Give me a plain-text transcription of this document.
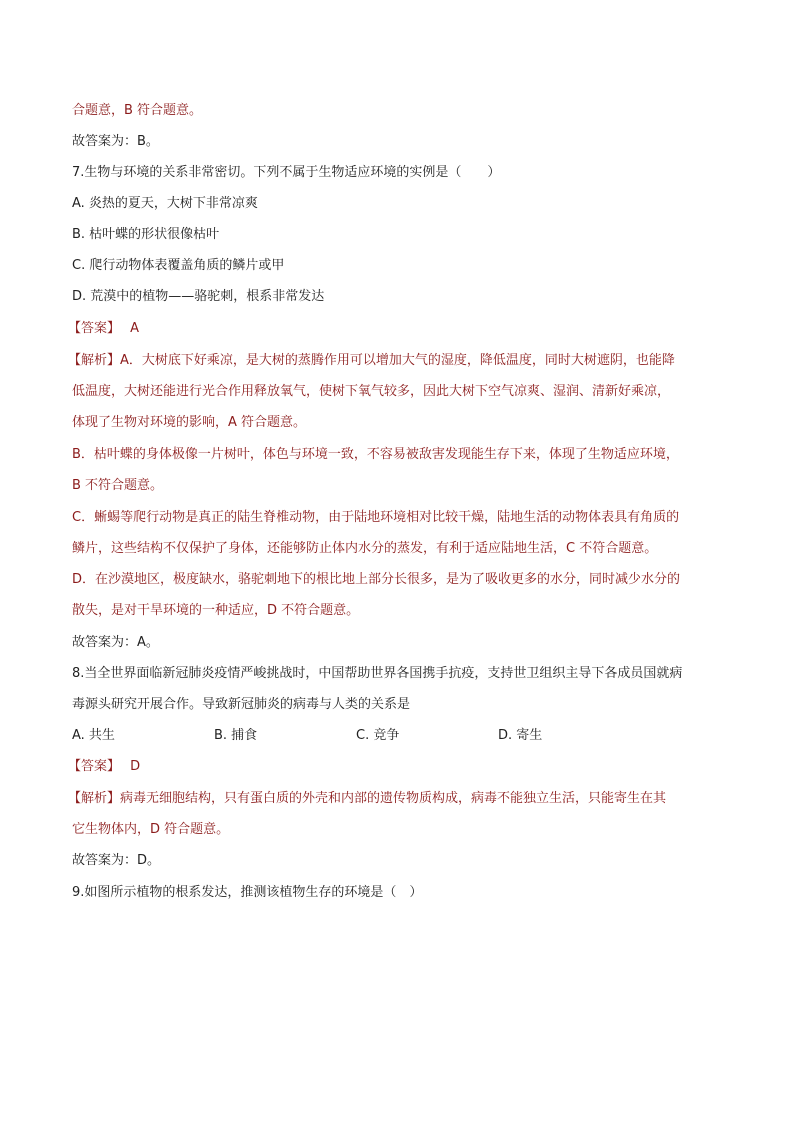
合题意，B 符合题意。

故答案为：B。

7.生物与环境的关系非常密切。下列不属于生物适应环境的实例是（　　）

A. 炎热的夏天，大树下非常凉爽

B. 枯叶蝶的形状很像枯叶

C. 爬行动物体表覆盖角质的鳞片或甲

D. 荒漠中的植物——骆驼刺，根系非常发达

【答案】 A

【解析】A．大树底下好乘凉，是大树的蒸腾作用可以增加大气的湿度，降低温度，同时大树遮阴，也能降

低温度，大树还能进行光合作用释放氧气，使树下氧气较多，因此大树下空气凉爽、湿润、清新好乘凉，

体现了生物对环境的影响，A 符合题意。

B．枯叶蝶的身体极像一片树叶，体色与环境一致，不容易被敌害发现能生存下来，体现了生物适应环境，

B 不符合题意。

C．蜥蜴等爬行动物是真正的陆生脊椎动物，由于陆地环境相对比较干燥，陆地生活的动物体表具有角质的

鳞片，这些结构不仅保护了身体，还能够防止体内水分的蒸发，有利于适应陆地生活，C 不符合题意。

D．在沙漠地区，极度缺水，骆驼刺地下的根比地上部分长很多，是为了吸收更多的水分，同时减少水分的

散失，是对干旱环境的一种适应，D 不符合题意。

故答案为：A。

8.当全世界面临新冠肺炎疫情严峻挑战时，中国帮助世界各国携手抗疫，支持世卫组织主导下各成员国就病

毒源头研究开展合作。导致新冠肺炎的病毒与人类的关系是

A. 共生	B. 捕食	C. 竞争	D. 寄生

【答案】 D

【解析】病毒无细胞结构，只有蛋白质的外壳和内部的遗传物质构成，病毒不能独立生活，只能寄生在其

它生物体内，D 符合题意。

故答案为：D。

9.如图所示植物的根系发达，推测该植物生存的环境是（　）
